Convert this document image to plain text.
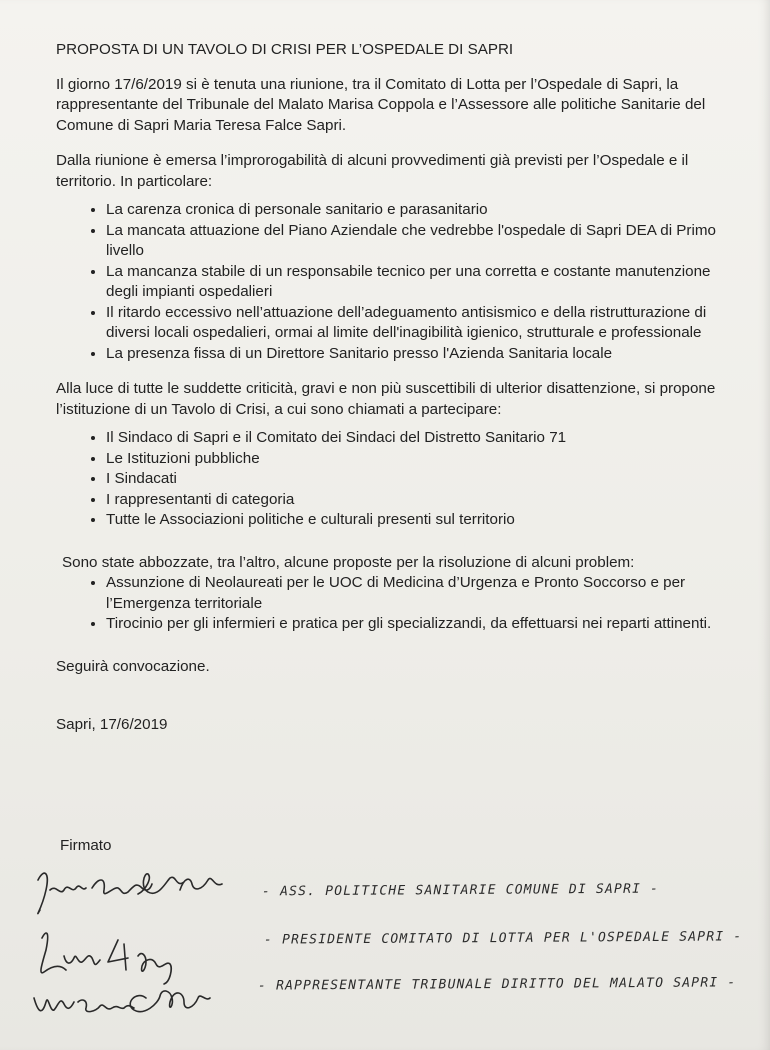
PROPOSTA DI UN TAVOLO DI CRISI PER L’OSPEDALE DI SAPRI

Il giorno 17/6/2019 si è tenuta una riunione, tra il Comitato di Lotta per l’Ospedale di Sapri, la rappresentante del Tribunale del Malato Marisa Coppola e l’Assessore alle politiche Sanitarie del Comune di Sapri Maria Teresa Falce Sapri.

Dalla riunione è emersa l’improrogabilità di alcuni provvedimenti già previsti per l’Ospedale e il territorio. In particolare:

• La carenza cronica di personale sanitario e parasanitario
• La mancata attuazione del Piano Aziendale che vedrebbe l'ospedale di Sapri DEA di Primo livello
• La mancanza stabile di un responsabile tecnico per una corretta e costante manutenzione degli impianti ospedalieri
• Il ritardo eccessivo nell’attuazione dell’adeguamento antisismico e della ristrutturazione di diversi locali ospedalieri, ormai al limite dell'inagibilità igienico, strutturale e professionale
• La presenza fissa di un Direttore Sanitario presso l'Azienda Sanitaria locale

Alla luce di tutte le suddette criticità, gravi e non più suscettibili di ulterior disattenzione, si propone l’istituzione di un Tavolo di Crisi, a cui sono chiamati a partecipare:

• Il Sindaco di Sapri e il Comitato dei Sindaci del Distretto Sanitario 71
• Le Istituzioni pubbliche
• I Sindacati
• I rappresentanti di categoria
• Tutte le Associazioni politiche e culturali presenti sul territorio
Sono state abbozzate, tra l’altro, alcune proposte per la risoluzione di alcuni problem:
• Assunzione di Neolaureati per le UOC di Medicina d’Urgenza e Pronto Soccorso e per l’Emergenza territoriale
• Tirocinio per gli infermieri e pratica per gli specializzandi, da effettuarsi nei reparti attinenti.

Seguirà convocazione.

Sapri, 17/6/2019

Firmato
- ASS. POLITICHE SANITARIE COMUNE DI SAPRI -
- PRESIDENTE COMITATO DI LOTTA PER L'OSPEDALE SAPRI -
- RAPPRESENTANTE TRIBUNALE DIRITTO DEL MALATO SAPRI -
